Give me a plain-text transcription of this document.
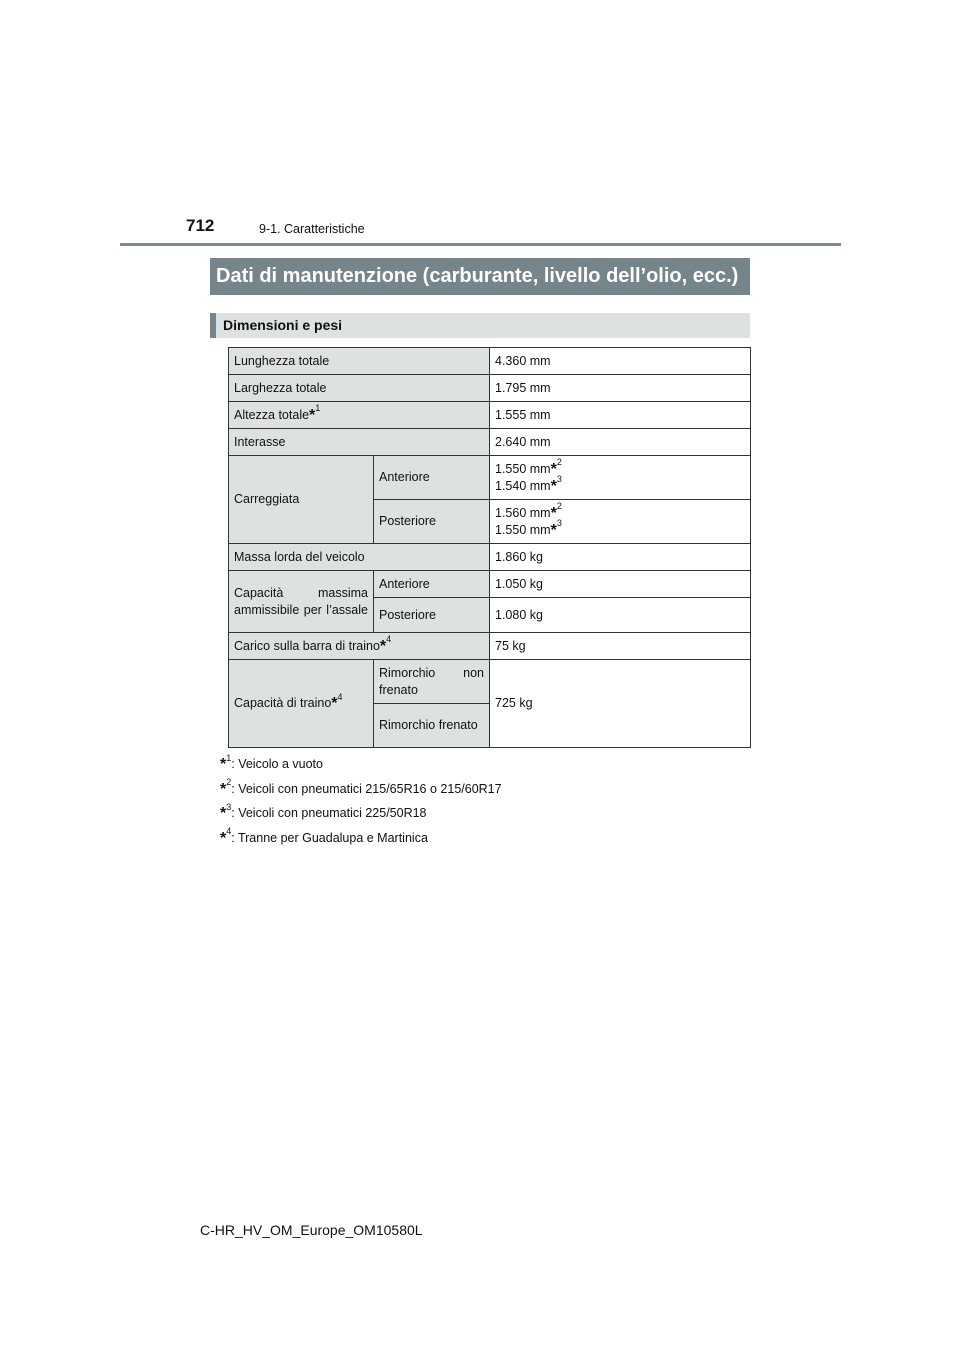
712	9-1. Caratteristiche
Dati di manutenzione (carburante, livello dell’olio, ecc.)
Dimensioni e pesi
Lunghezza totale		4.360 mm
Larghezza totale		1.795 mm
Altezza totale*$^1$		1.555 mm
Interasse		2.640 mm
Carreggiata	Anteriore	1.550 mm*$^2$
1.540 mm*$^3$
	Posteriore	1.560 mm*$^2$
1.550 mm*$^3$
Massa lorda del veicolo		1.860 kg
Capacità massima ammissibile per l’assale	Anteriore	1.050 kg
	Posteriore	1.080 kg
Carico sulla barra di traino*$^4$		75 kg
Capacità di traino*$^4$	Rimorchio non frenato	725 kg
	Rimorchio frenato	
*$^1$: Veicolo a vuoto
*$^2$: Veicoli con pneumatici 215/65R16 o 215/60R17
*$^3$: Veicoli con pneumatici 225/50R18
*$^4$: Tranne per Guadalupa e Martinica
C-HR_HV_OM_Europe_OM10580L
